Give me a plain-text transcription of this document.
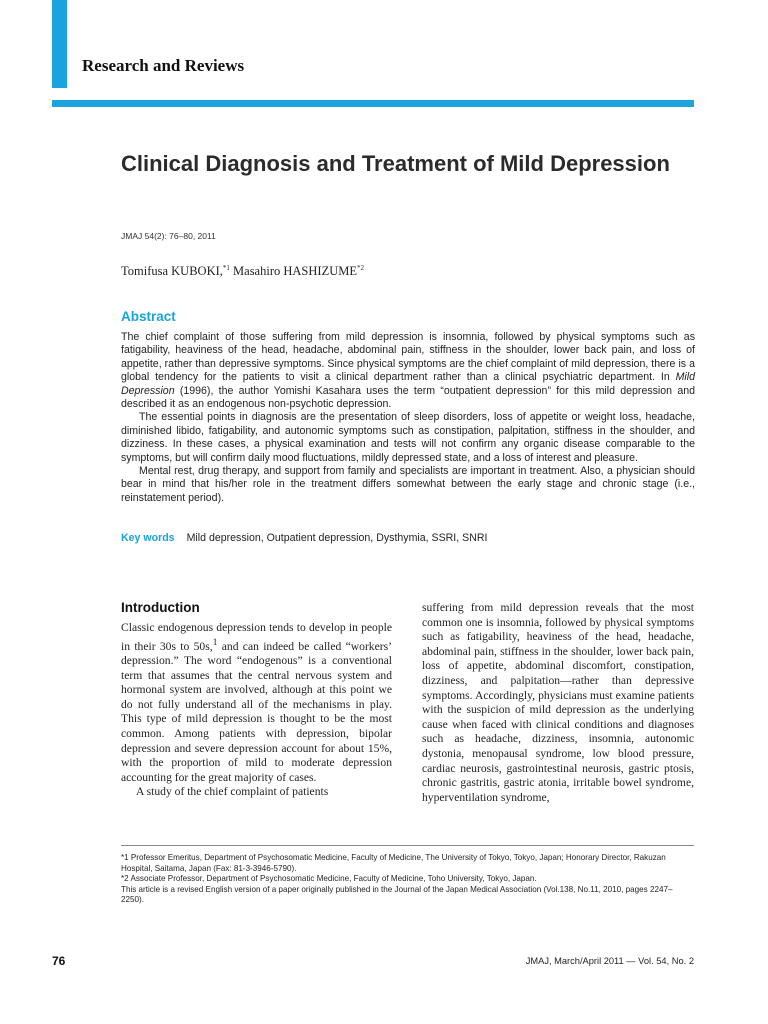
Research and Reviews
Clinical Diagnosis and Treatment of Mild Depression
JMAJ 54(2): 76–80, 2011
Tomifusa KUBOKI,$^{*1}$ Masahiro HASHIZUME$^{*2}$
Abstract

The chief complaint of those suffering from mild depression is insomnia, followed by physical symptoms such as fatigability, heaviness of the head, headache, abdominal pain, stiffness in the shoulder, lower back pain, and loss of appetite, rather than depressive symptoms. Since physical symptoms are the chief complaint of mild depression, there is a global tendency for the patients to visit a clinical department rather than a clinical psychiatric department. In Mild Depression (1996), the author Yomishi Kasahara uses the term “outpatient depression” for this mild depression and described it as an endogenous non-psychotic depression.

The essential points in diagnosis are the presentation of sleep disorders, loss of appetite or weight loss, headache, diminished libido, fatigability, and autonomic symptoms such as constipation, palpitation, stiffness in the shoulder, and dizziness. In these cases, a physical examination and tests will not confirm any organic disease comparable to the symptoms, but will confirm daily mood fluctuations, mildly depressed state, and a loss of interest and pleasure.

Mental rest, drug therapy, and support from family and specialists are important in treatment. Also, a physician should bear in mind that his/her role in the treatment differs somewhat between the early stage and chronic stage (i.e., reinstatement period).

Key words Mild depression, Outpatient depression, Dysthymia, SSRI, SNRI
Introduction

Classic endogenous depression tends to develop in people in their 30s to 50s,$^1$ and can indeed be called “workers’ depression.” The word “endogenous” is a conventional term that assumes that the central nervous system and hormonal system are involved, although at this point we do not fully understand all of the mechanisms in play. This type of mild depression is thought to be the most common. Among patients with depression, bipolar depression and severe depression account for about 15%, with the proportion of mild to moderate depression accounting for the great majority of cases.

A study of the chief complaint of patients

suffering from mild depression reveals that the most common one is insomnia, followed by physical symptoms such as fatigability, heaviness of the head, headache, abdominal pain, stiffness in the shoulder, lower back pain, loss of appetite, abdominal discomfort, constipation, dizziness, and palpitation—rather than depressive symptoms. Accordingly, physicians must examine patients with the suspicion of mild depression as the underlying cause when faced with clinical conditions and diagnoses such as headache, dizziness, insomnia, autonomic dystonia, menopausal syndrome, low blood pressure, cardiac neurosis, gastrointestinal neurosis, gastric ptosis, chronic gastritis, gastric atonia, irritable bowel syndrome, hyperventilation syndrome,

*1 Professor Emeritus, Department of Psychosomatic Medicine, Faculty of Medicine, The University of Tokyo, Tokyo, Japan; Honorary Director, Rakuzan Hospital, Saitama, Japan (Fax: 81-3-3946-5790).

*2 Associate Professor, Department of Psychosomatic Medicine, Faculty of Medicine, Toho University, Tokyo, Japan.

This article is a revised English version of a paper originally published in the Journal of the Japan Medical Association (Vol.138, No.11, 2010, pages 2247–2250).

76	JMAJ, March/April 2011 — Vol. 54, No. 2
